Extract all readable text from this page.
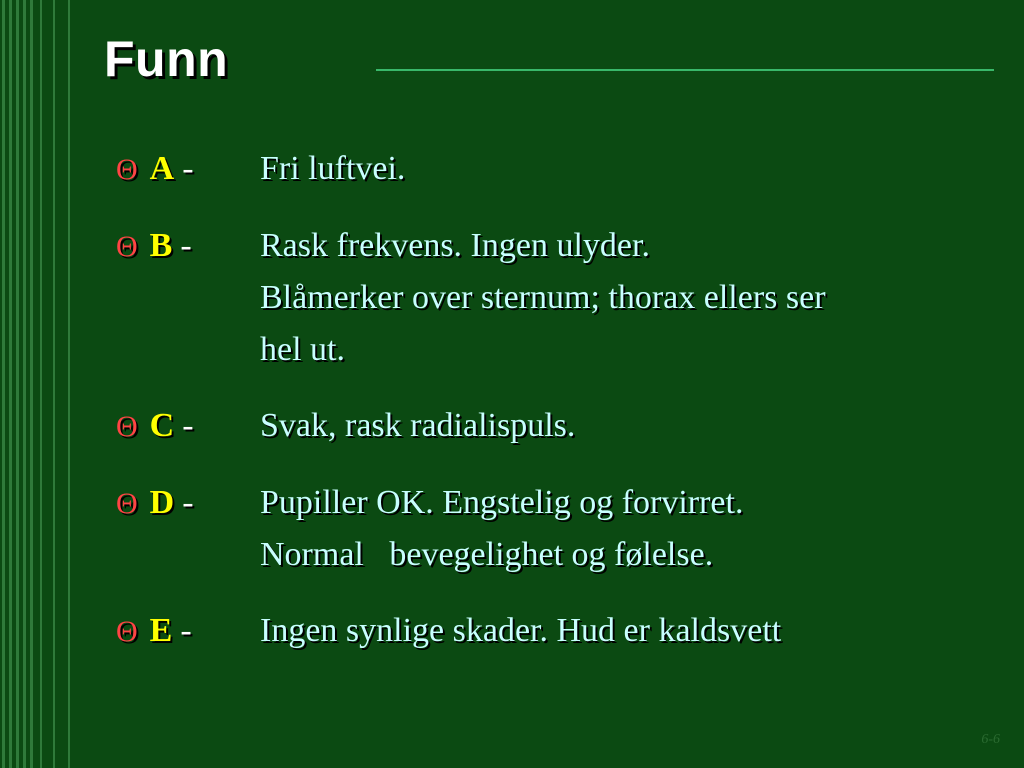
Funn
Θ A -	Fri luftvei.
Θ B -	Rask frekvens. Ingen ulyder.
Blåmerker over sternum; thorax ellers ser
hel ut.
Θ C -	Svak, rask radialispuls.
Θ D -	Pupiller OK. Engstelig og forvirret.
Normal   bevegelighet og følelse.
Θ E -	Ingen synlige skader. Hud er kaldsvett
6-6
